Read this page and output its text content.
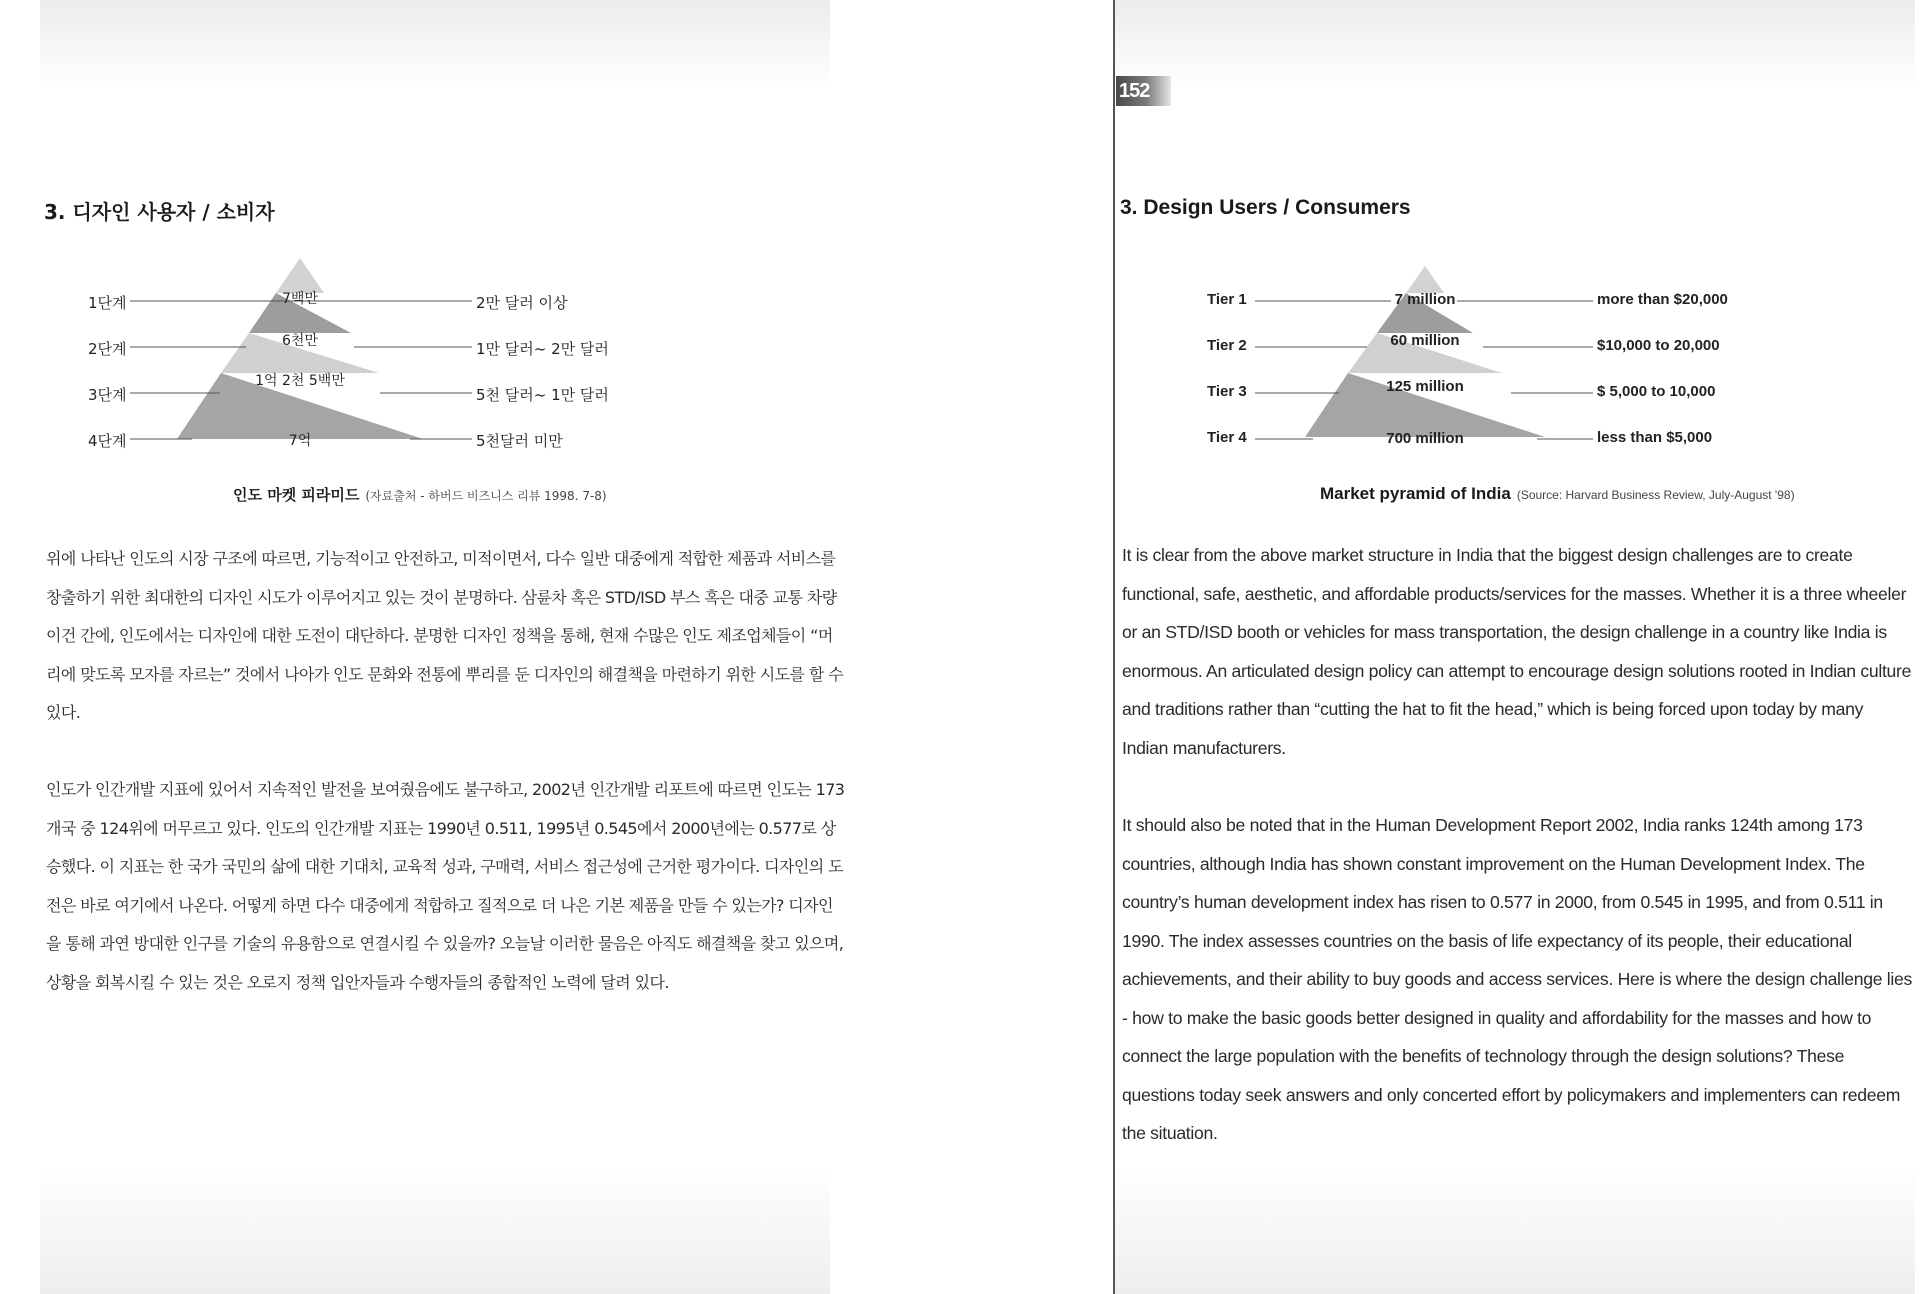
152
3. 디자인 사용자 / 소비자	3. Design Users / Consumers
1단계
2단계
3단계
4단계
7백만
6천만
1억 2천 5백만
7억
2만 달러 이상
1만 달러~ 2만 달러
5천 달러~ 1만 달러
5천달러 미만
인도 마켓 피라미드 (자료출처 - 하버드 비즈니스 리뷰 1998. 7-8)
Tier 1
Tier 2
Tier 3
Tier 4
7 million
60 million
125 million
700 million
more than $20,000
$10,000 to 20,000
$ 5,000 to 10,000
less than $5,000
Market pyramid of India (Source: Harvard Business Review, July-August '98)

위에 나타난 인도의 시장 구조에 따르면, 기능적이고 안전하고, 미적이면서, 다수 일반 대중에게 적합한 제품과 서비스를 창출하기 위한 최대한의 디자인 시도가 이루어지고 있는 것이 분명하다. 삼륜차 혹은 STD/ISD 부스 혹은 대중 교통 차량이건 간에, 인도에서는 디자인에 대한 도전이 대단하다. 분명한 디자인 정책을 통해, 현재 수많은 인도 제조업체들이 “머리에 맞도록 모자를 자르는” 것에서 나아가 인도 문화와 전통에 뿌리를 둔 디자인의 해결책을 마련하기 위한 시도를 할 수 있다.

인도가 인간개발 지표에 있어서 지속적인 발전을 보여줬음에도 불구하고, 2002년 인간개발 리포트에 따르면 인도는 173개국 중 124위에 머무르고 있다. 인도의 인간개발 지표는 1990년 0.511, 1995년 0.545에서 2000년에는 0.577로 상승했다. 이 지표는 한 국가 국민의 삶에 대한 기대치, 교육적 성과, 구매력, 서비스 접근성에 근거한 평가이다. 디자인의 도전은 바로 여기에서 나온다. 어떻게 하면 다수 대중에게 적합하고 질적으로 더 나은 기본 제품을 만들 수 있는가? 디자인을 통해 과연 방대한 인구를 기술의 유용함으로 연결시킬 수 있을까? 오늘날 이러한 물음은 아직도 해결책을 찾고 있으며, 상황을 회복시킬 수 있는 것은 오로지 정책 입안자들과 수행자들의 종합적인 노력에 달려 있다.

It is clear from the above market structure in India that the biggest design challenges are to create functional, safe, aesthetic, and affordable products/services for the masses. Whether it is a three wheeler or an STD/ISD booth or vehicles for mass transportation, the design challenge in a country like India is enormous. An articulated design policy can attempt to encourage design solutions rooted in Indian culture and traditions rather than “cutting the hat to fit the head,” which is being forced upon today by many Indian manufacturers.

It should also be noted that in the Human Development Report 2002, India ranks 124th among 173 countries, although India has shown constant improvement on the Human Development Index. The country’s human development index has risen to 0.577 in 2000, from 0.545 in 1995, and from 0.511 in 1990. The index assesses countries on the basis of life expectancy of its people, their educational achievements, and their ability to buy goods and access services. Here is where the design challenge lies - how to make the basic goods better designed in quality and affordability for the masses and how to connect the large population with the benefits of technology through the design solutions? These questions today seek answers and only concerted effort by policymakers and implementers can redeem the situation.
